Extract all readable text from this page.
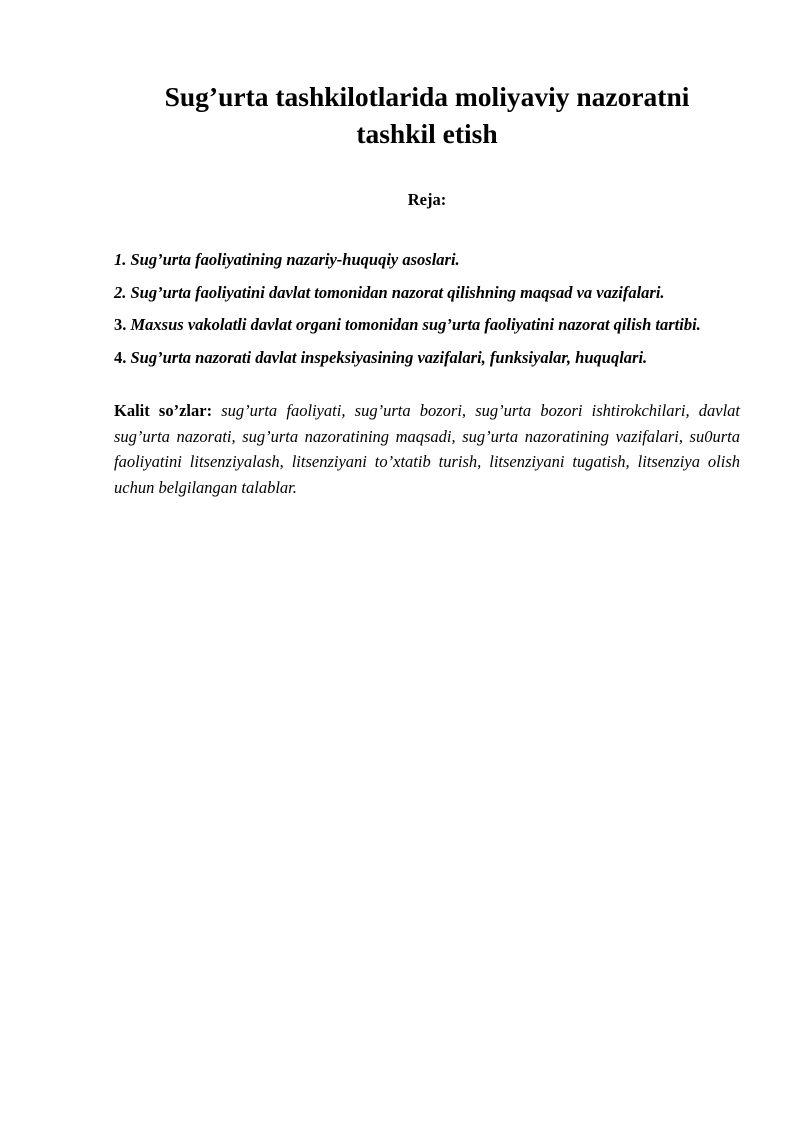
Sug’urta tashkilotlarida moliyaviy nazoratni
tashkil etish

Reja:

1. Sug’urta faoliyatining nazariy-huquqiy asoslari.
2. Sug’urta faoliyatini davlat tomonidan nazorat qilishning maqsad va vazifalari.
3. Maxsus vakolatli davlat organi tomonidan sug’urta faoliyatini nazorat qilish tartibi.
4. Sug’urta nazorati davlat inspeksiyasining vazifalari, funksiyalar, huquqlari.

Kalit so’zlar: sug’urta faoliyati, sug’urta bozori, sug’urta bozori ishtirokchilari, davlat sug’urta nazorati, sug’urta nazoratining maqsadi, sug’urta nazoratining vazifalari, su0urta faoliyatini litsenziyalash, litsenziyani to’xtatib turish, litsenziyani tugatish, litsenziya olish uchun belgilangan talablar.
